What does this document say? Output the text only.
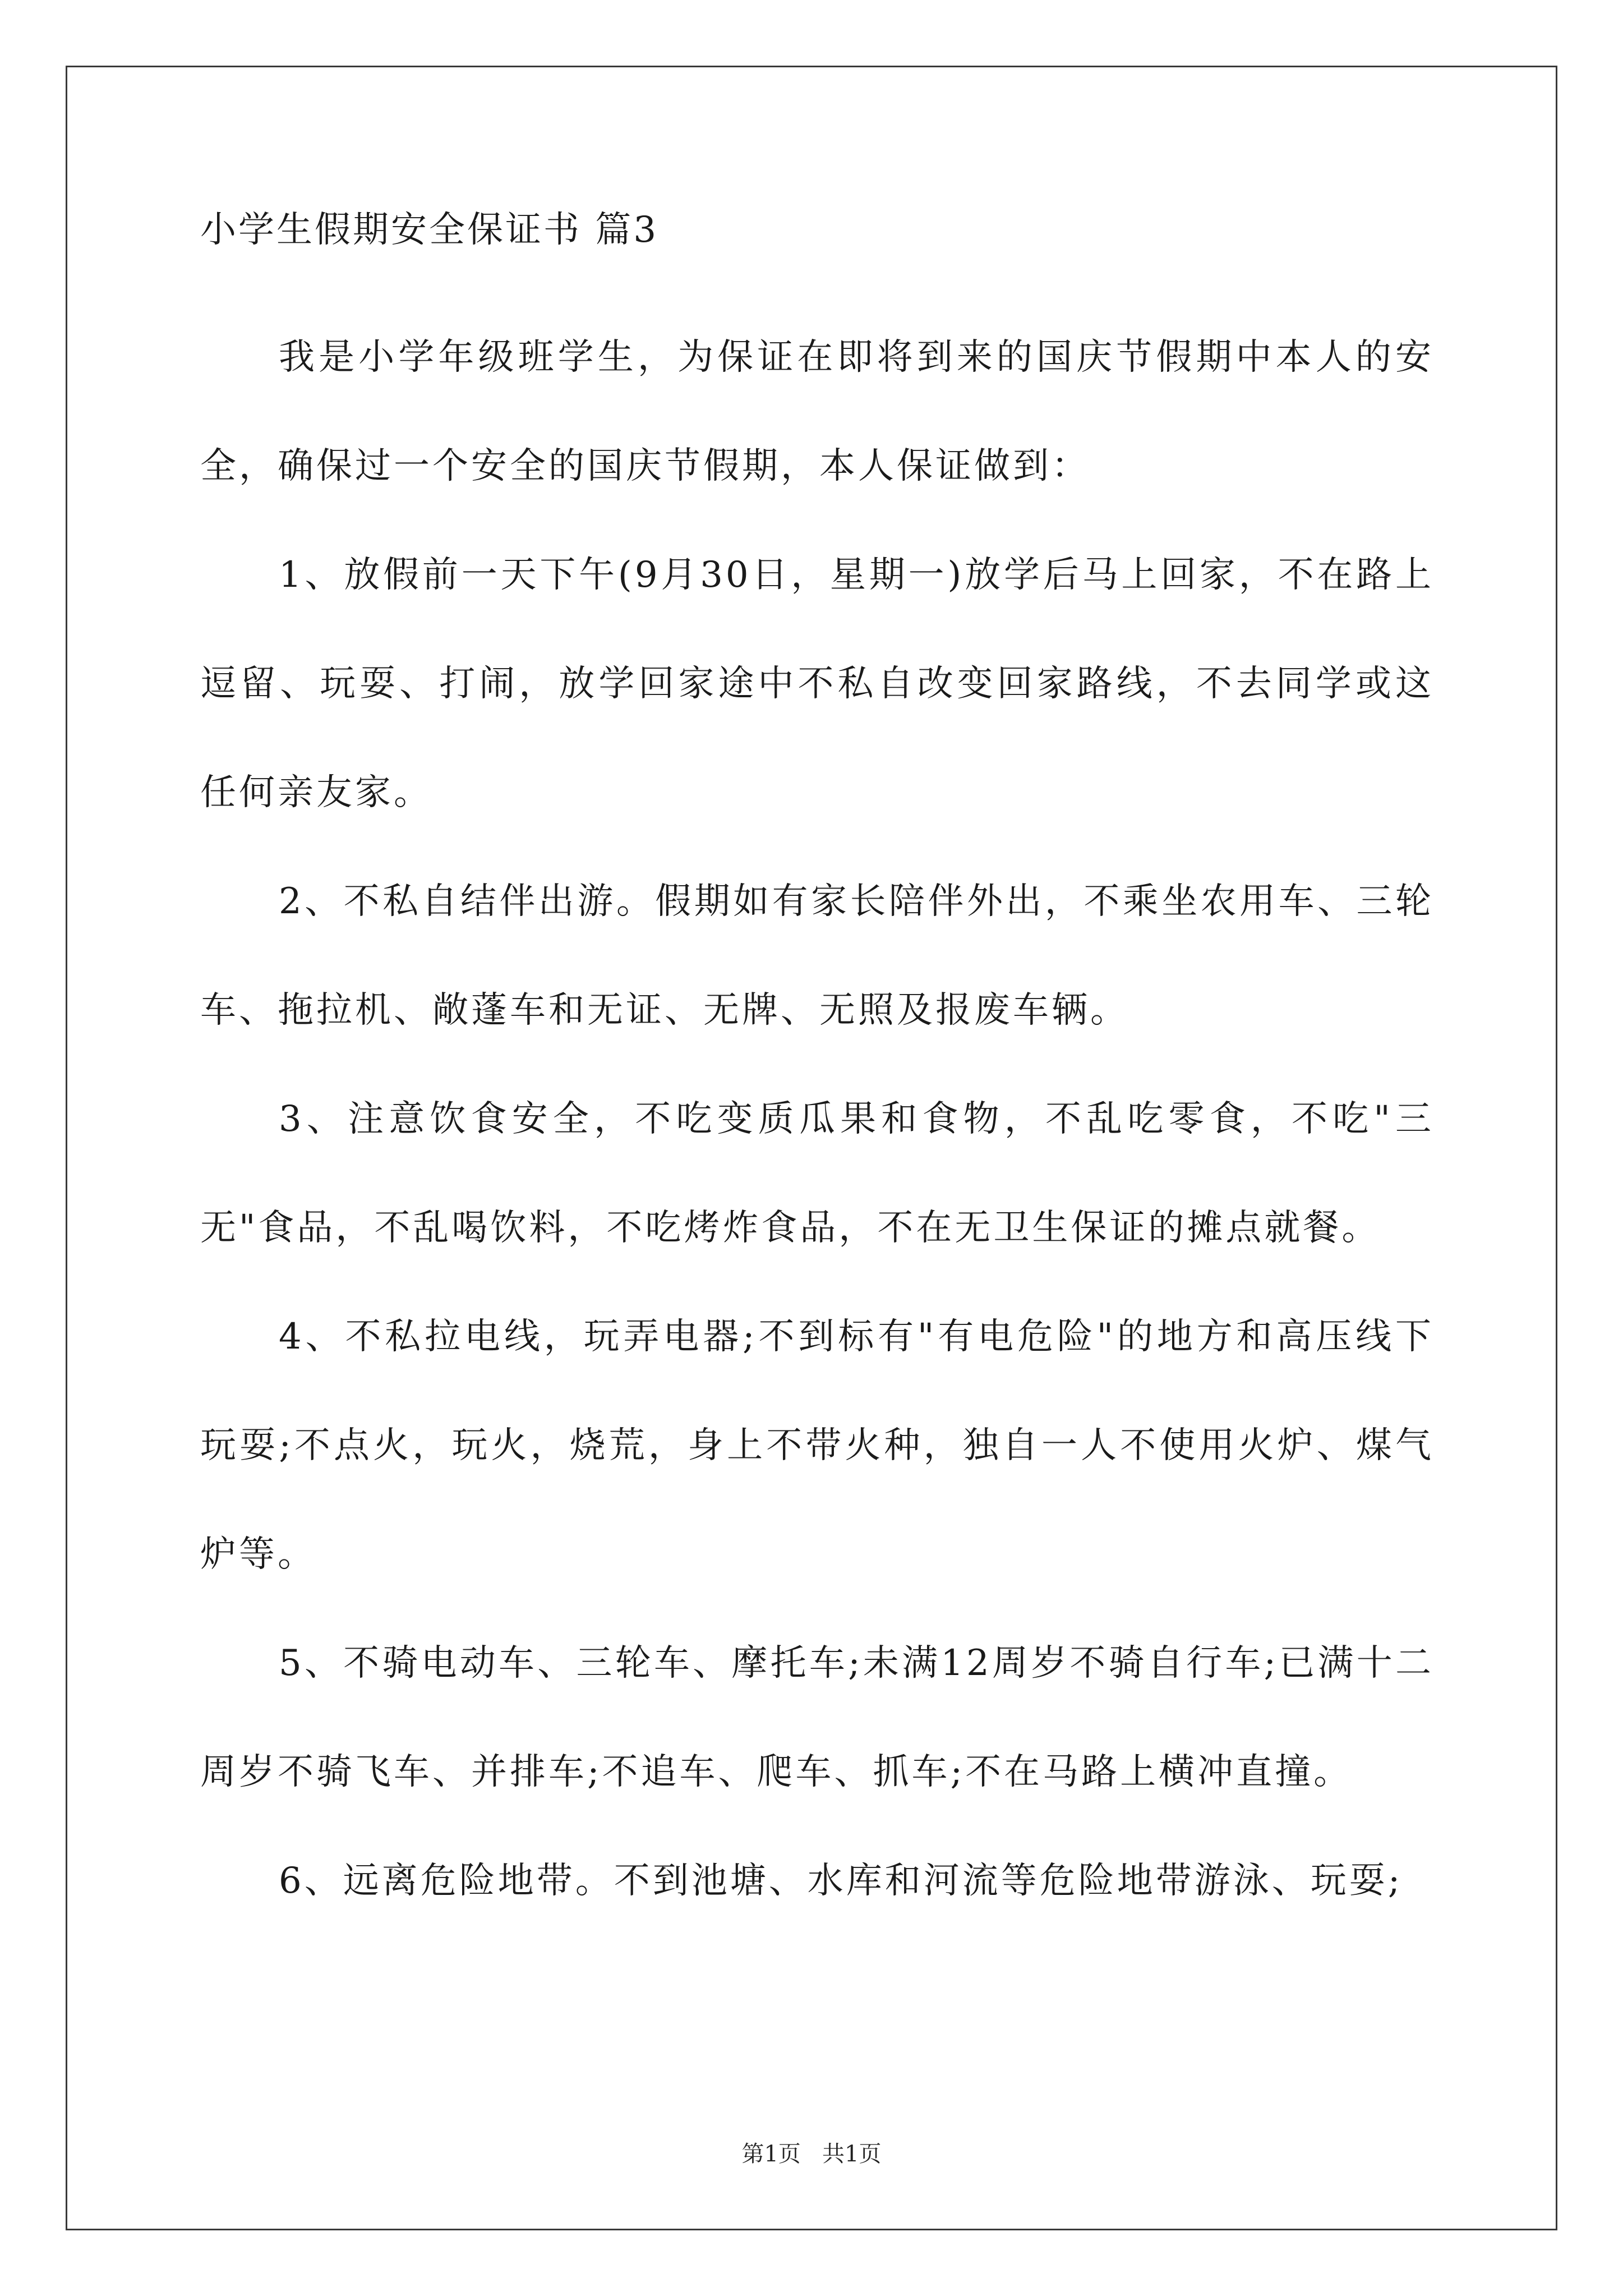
小学生假期安全保证书 篇3

我是小学年级班学生，为保证在即将到来的国庆节假期中本人的安全，确保过一个安全的国庆节假期，本人保证做到：

1、放假前一天下午(9月30日，星期一)放学后马上回家，不在路上逗留、玩耍、打闹，放学回家途中不私自改变回家路线，不去同学或这任何亲友家。

2、不私自结伴出游。假期如有家长陪伴外出，不乘坐农用车、三轮车、拖拉机、敞蓬车和无证、无牌、无照及报废车辆。

3、注意饮食安全，不吃变质瓜果和食物，不乱吃零食，不吃"三无"食品，不乱喝饮料，不吃烤炸食品，不在无卫生保证的摊点就餐。

4、不私拉电线，玩弄电器;不到标有"有电危险"的地方和高压线下玩耍;不点火，玩火，烧荒，身上不带火种，独自一人不使用火炉、煤气炉等。

5、不骑电动车、三轮车、摩托车;未满12周岁不骑自行车;已满十二周岁不骑飞车、并排车;不追车、爬车、抓车;不在马路上横冲直撞。

6、远离危险地带。不到池塘、水库和河流等危险地带游泳、玩耍;

第1页   共1页
